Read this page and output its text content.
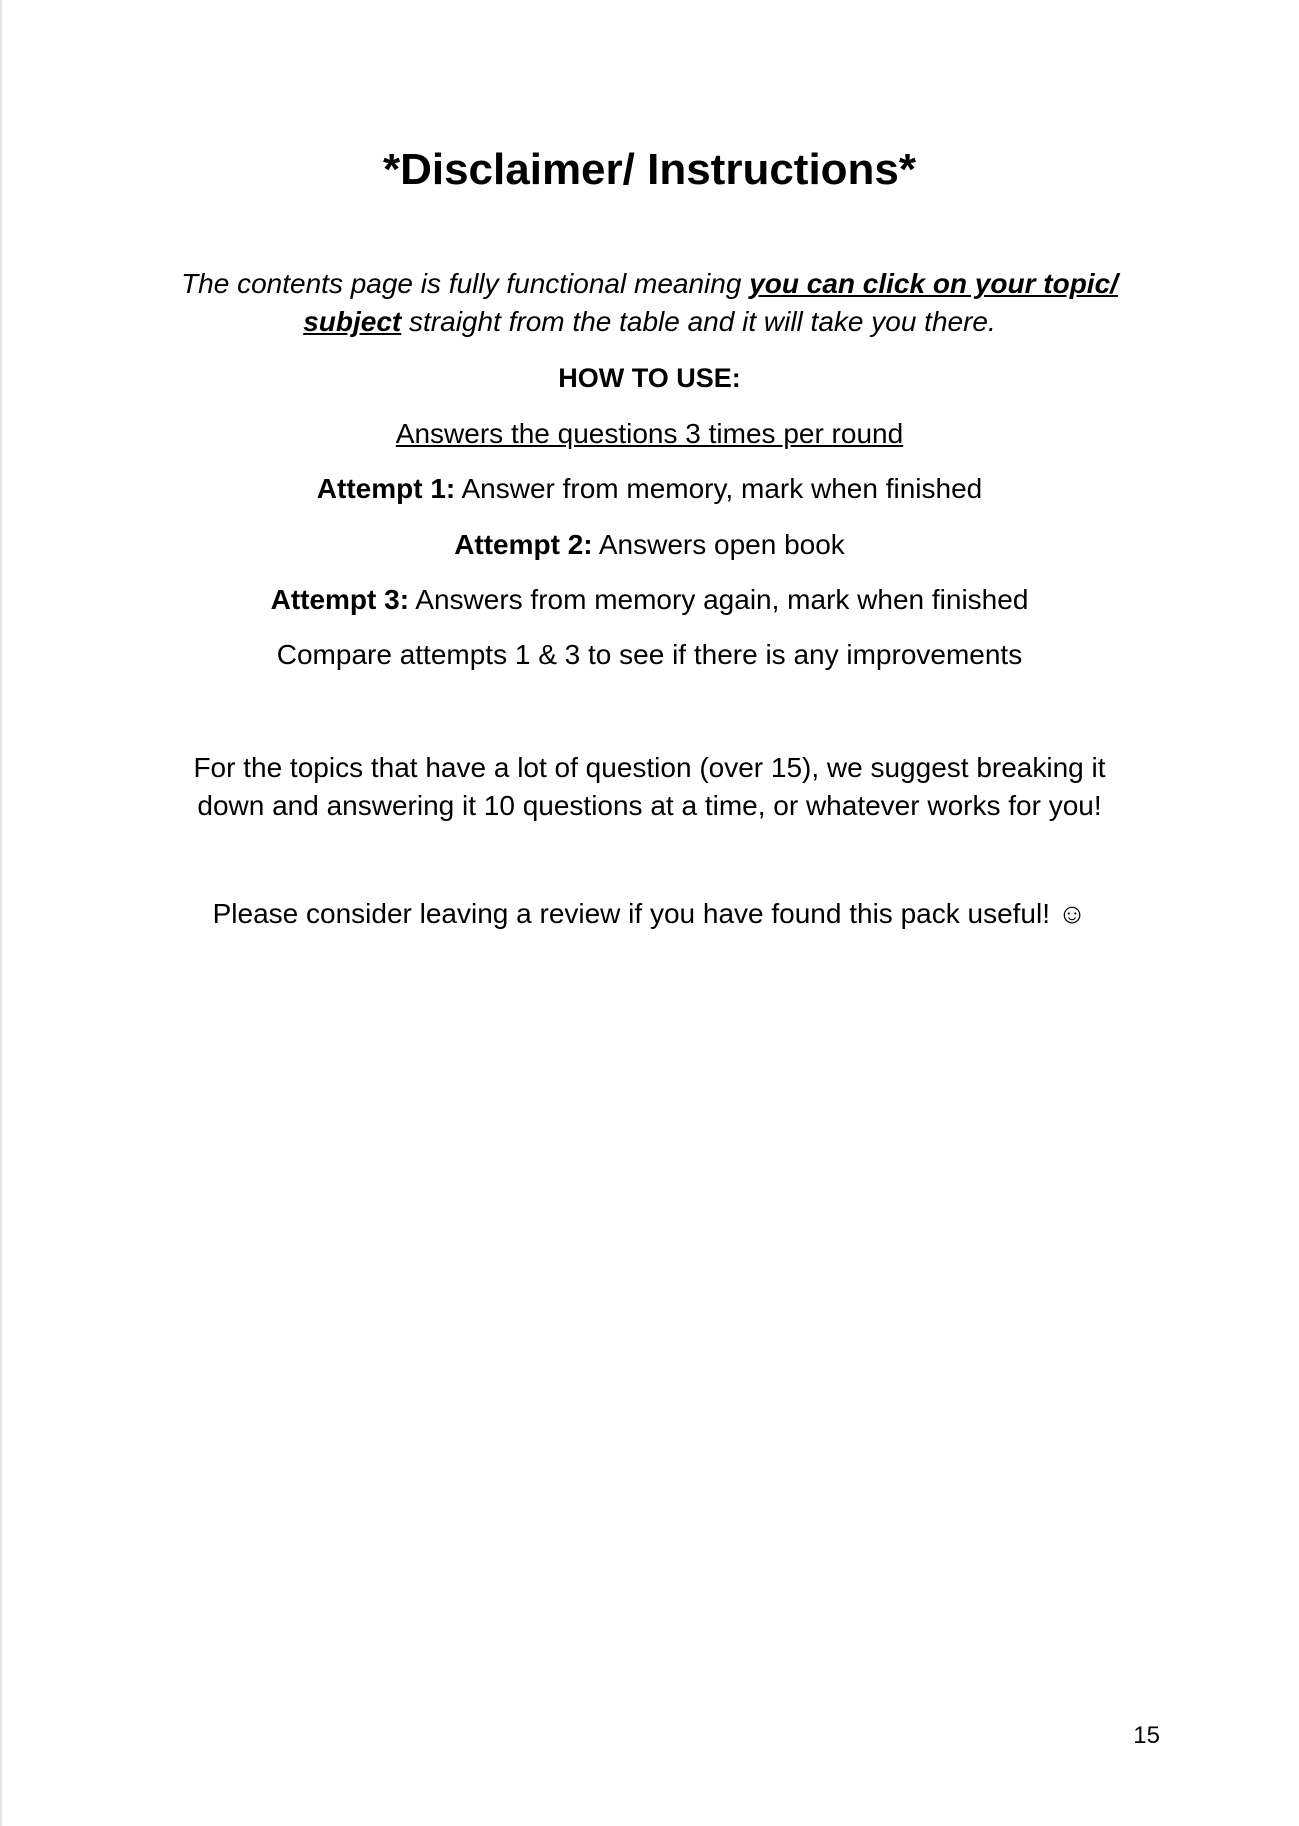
*Disclaimer/ Instructions*

The contents page is fully functional meaning you can click on your topic/ subject straight from the table and it will take you there.

HOW TO USE:

Answers the questions 3 times per round

Attempt 1: Answer from memory, mark when finished

Attempt 2: Answers open book

Attempt 3: Answers from memory again, mark when finished

Compare attempts 1 & 3 to see if there is any improvements

For the topics that have a lot of question (over 15), we suggest breaking it down and answering it 10 questions at a time, or whatever works for you!

Please consider leaving a review if you have found this pack useful! ☺

15
